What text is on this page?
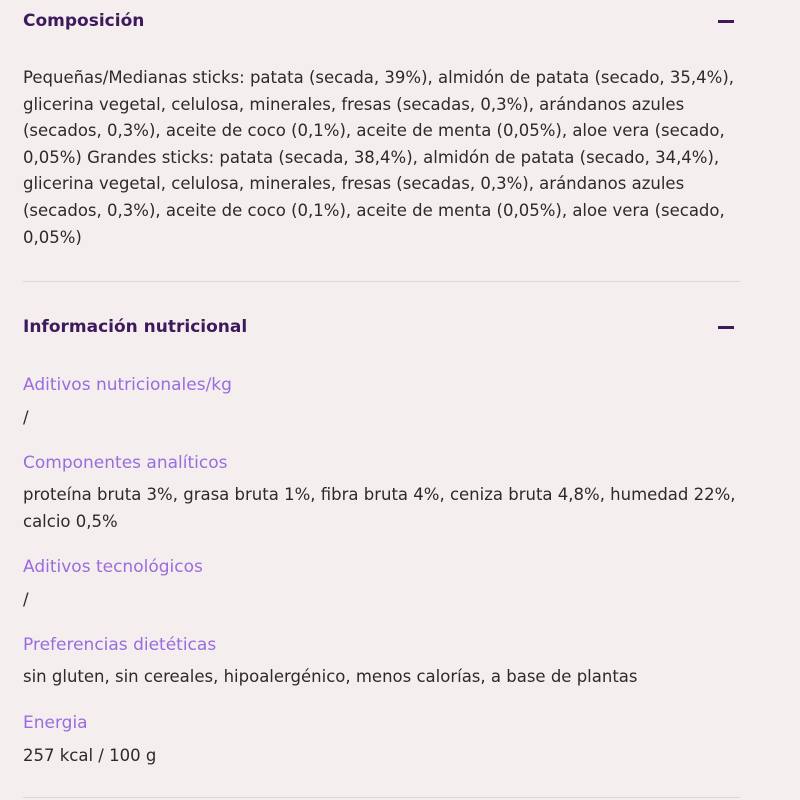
Composición
Pequeñas/Medianas sticks: patata (secada, 39%), almidón de patata (secado, 35,4%), glicerina vegetal, celulosa, minerales, fresas (secadas, 0,3%), arándanos azules (secados, 0,3%), aceite de coco (0,1%), aceite de menta (0,05%), aloe vera (secado, 0,05%) Grandes sticks: patata (secada, 38,4%), almidón de patata (secado, 34,4%), glicerina vegetal, celulosa, minerales, fresas (secadas, 0,3%), arándanos azules (secados, 0,3%), aceite de coco (0,1%), aceite de menta (0,05%), aloe vera (secado, 0,05%)
Información nutricional
Aditivos nutricionales/kg
/
Componentes analíticos
proteína bruta 3%, grasa bruta 1%, fibra bruta 4%, ceniza bruta 4,8%, humedad 22%, calcio 0,5%
Aditivos tecnológicos
/
Preferencias dietéticas
sin gluten, sin cereales, hipoalergénico, menos calorías, a base de plantas
Energia
257 kcal / 100 g
